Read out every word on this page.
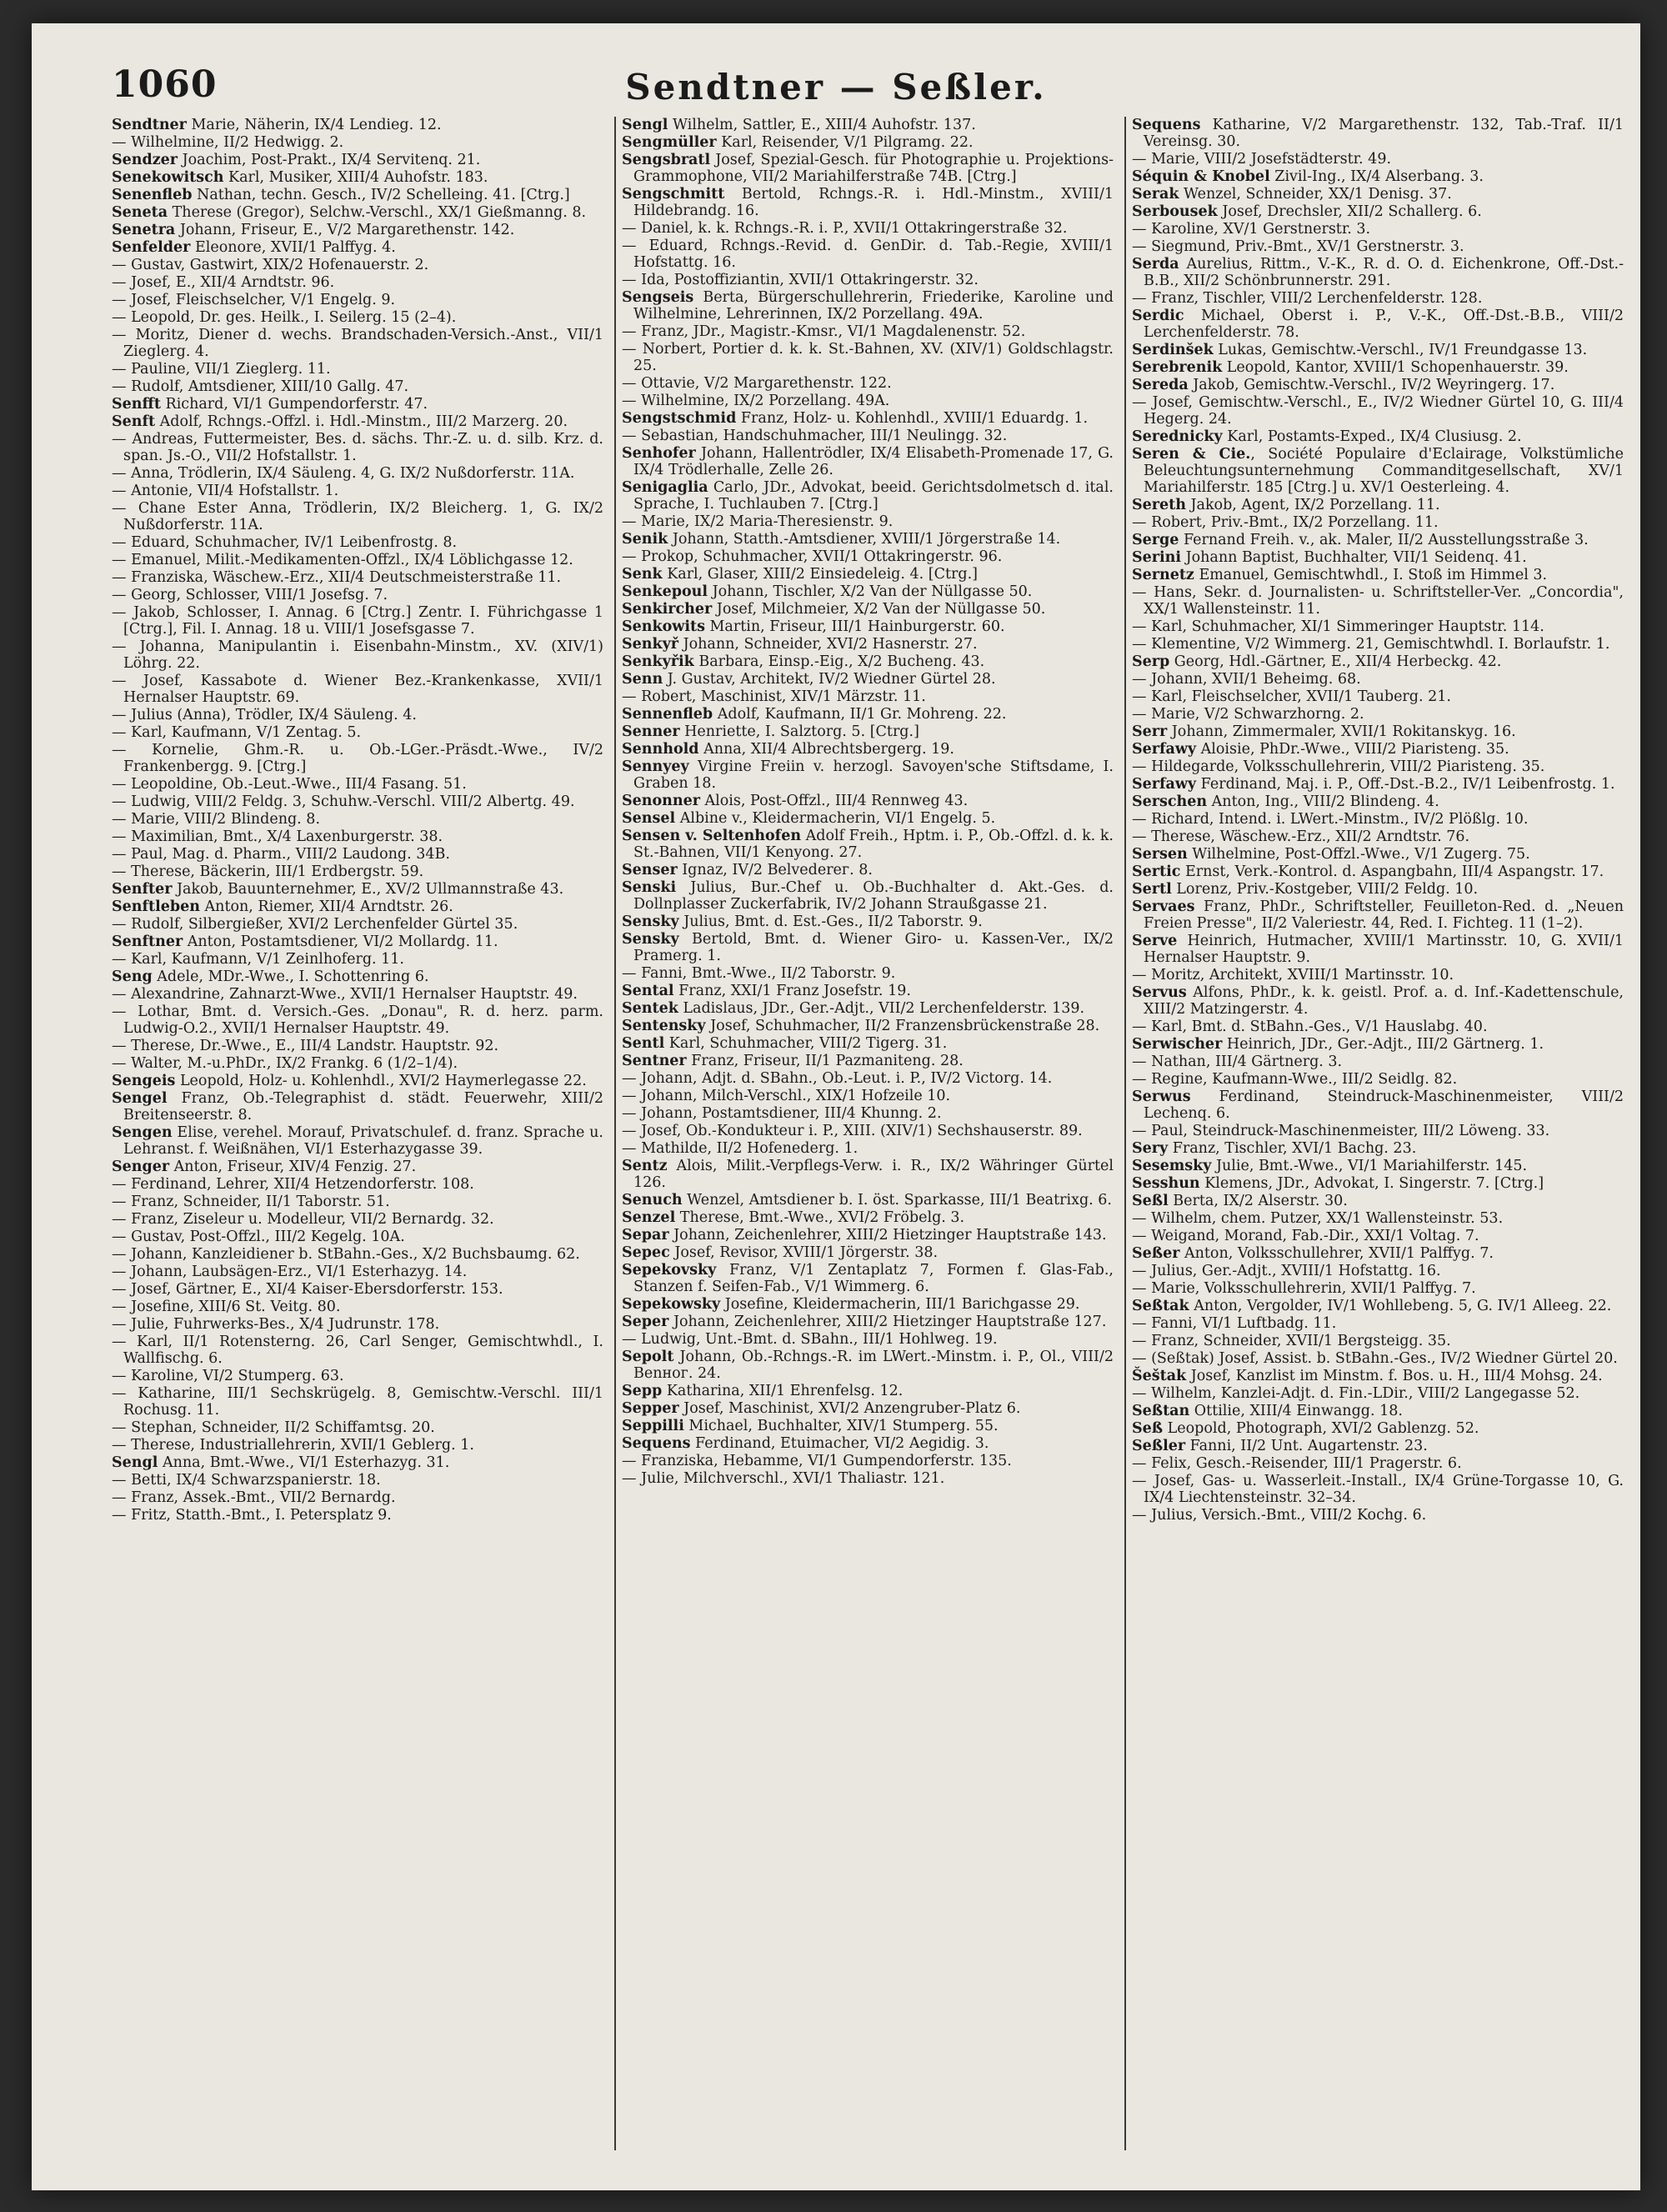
1060	Sendtner — Seßler.

Sendtner Marie, Näherin, IX/4 Lendieg. 12.

— Wilhelmine, II/2 Hedwigg. 2.

Sendzer Joachim, Post-Prakt., IX/4 Servitenq. 21.

Senekowitsch Karl, Musiker, XIII/4 Auhofstr. 183.

Senenfleb Nathan, techn. Gesch., IV/2 Schelleing. 41. [Ctrg.]

Seneta Therese (Gregor), Selchw.-Verschl., XX/1 Gießmanng. 8.

Senetra Johann, Friseur, E., V/2 Margarethenstr. 142.

Senfelder Eleonore, XVII/1 Palffyg. 4.

— Gustav, Gastwirt, XIX/2 Hofenauerstr. 2.

— Josef, E., XII/4 Arndtstr. 96.

— Josef, Fleischselcher, V/1 Engelg. 9.

— Leopold, Dr. ges. Heilk., I. Seilerg. 15 (2–4).

— Moritz, Diener d. wechs. Brandschaden-Versich.-Anst., VII/1 Zieglerg. 4.

— Pauline, VII/1 Zieglerg. 11.

— Rudolf, Amtsdiener, XIII/10 Gallg. 47.

Senfft Richard, VI/1 Gumpendorferstr. 47.

Senft Adolf, Rchngs.-Offzl. i. Hdl.-Minstm., III/2 Marzerg. 20.

— Andreas, Futtermeister, Bes. d. sächs. Thr.-Z. u. d. silb. Krz. d. span. Js.-O., VII/2 Hofstallstr. 1.

— Anna, Trödlerin, IX/4 Säuleng. 4, G. IX/2 Nußdorferstr. 11A.

— Antonie, VII/4 Hofstallstr. 1.

— Chane Ester Anna, Trödlerin, IX/2 Bleicherg. 1, G. IX/2 Nußdorferstr. 11A.

— Eduard, Schuhmacher, IV/1 Leibenfrostg. 8.

— Emanuel, Milit.-Medikamenten-Offzl., IX/4 Löblichgasse 12.

— Franziska, Wäschew.-Erz., XII/4 Deutschmeisterstraße 11.

— Georg, Schlosser, VIII/1 Josefsg. 7.

— Jakob, Schlosser, I. Annag. 6 [Ctrg.] Zentr. I. Führichgasse 1 [Ctrg.], Fil. I. Annag. 18 u. VIII/1 Josefsgasse 7.

— Johanna, Manipulantin i. Eisenbahn-Minstm., XV. (XIV/1) Löhrg. 22.

— Josef, Kassabote d. Wiener Bez.-Krankenkasse, XVII/1 Hernalser Hauptstr. 69.

— Julius (Anna), Trödler, IX/4 Säuleng. 4.

— Karl, Kaufmann, V/1 Zentag. 5.

— Kornelie, Ghm.-R. u. Ob.-LGer.-Präsdt.-Wwe., IV/2 Frankenbergg. 9. [Ctrg.]

— Leopoldine, Ob.-Leut.-Wwe., III/4 Fasang. 51.

— Ludwig, VIII/2 Feldg. 3, Schuhw.-Verschl. VIII/2 Albertg. 49.

— Marie, VIII/2 Blindeng. 8.

— Maximilian, Bmt., X/4 Laxenburgerstr. 38.

— Paul, Mag. d. Pharm., VIII/2 Laudong. 34B.

— Therese, Bäckerin, III/1 Erdbergstr. 59.

Senfter Jakob, Bauunternehmer, E., XV/2 Ullmannstraße 43.

Senftleben Anton, Riemer, XII/4 Arndtstr. 26.

— Rudolf, Silbergießer, XVI/2 Lerchenfelder Gürtel 35.

Senftner Anton, Postamtsdiener, VI/2 Mollardg. 11.

— Karl, Kaufmann, V/1 Zeinlhoferg. 11.

Seng Adele, MDr.-Wwe., I. Schottenring 6.

— Alexandrine, Zahnarzt-Wwe., XVII/1 Hernalser Hauptstr. 49.

— Lothar, Bmt. d. Versich.-Ges. „Donau", R. d. herz. parm. Ludwig-O.2., XVII/1 Hernalser Hauptstr. 49.

— Therese, Dr.-Wwe., E., III/4 Landstr. Hauptstr. 92.

— Walter, M.-u.PhDr., IX/2 Frankg. 6 (1/2–1/4).

Sengeis Leopold, Holz- u. Kohlenhdl., XVI/2 Haymerlegasse 22.

Sengel Franz, Ob.-Telegraphist d. städt. Feuerwehr, XIII/2 Breitenseerstr. 8.

Sengen Elise, verehel. Morauf, Privatschulef. d. franz. Sprache u. Lehranst. f. Weißnähen, VI/1 Esterhazygasse 39.

Senger Anton, Friseur, XIV/4 Fenzig. 27.

— Ferdinand, Lehrer, XII/4 Hetzendorferstr. 108.

— Franz, Schneider, II/1 Taborstr. 51.

— Franz, Ziseleur u. Modelleur, VII/2 Bernardg. 32.

— Gustav, Post-Offzl., III/2 Kegelg. 10A.

— Johann, Kanzleidiener b. StBahn.-Ges., X/2 Buchsbaumg. 62.

— Johann, Laubsägen-Erz., VI/1 Esterhazyg. 14.

— Josef, Gärtner, E., XI/4 Kaiser-Ebersdorferstr. 153.

— Josefine, XIII/6 St. Veitg. 80.

— Julie, Fuhrwerks-Bes., X/4 Judrunstr. 178.

— Karl, II/1 Rotensterng. 26, Carl Senger, Gemischtwhdl., I. Wallfischg. 6.

— Karoline, VI/2 Stumperg. 63.

— Katharine, III/1 Sechskrügelg. 8, Gemischtw.-Verschl. III/1 Rochusg. 11.

— Stephan, Schneider, II/2 Schiffamtsg. 20.

— Therese, Industriallehrerin, XVII/1 Geblerg. 1.

Sengl Anna, Bmt.-Wwe., VI/1 Esterhazyg. 31.

— Betti, IX/4 Schwarzspanierstr. 18.

— Franz, Assek.-Bmt., VII/2 Bernardg.

— Fritz, Statth.-Bmt., I. Petersplatz 9.

Sengl Wilhelm, Sattler, E., XIII/4 Auhofstr. 137.

Sengmüller Karl, Reisender, V/1 Pilgramg. 22.

Sengsbratl Josef, Spezial-Gesch. für Photographie u. Projektions-Grammophone, VII/2 Mariahilferstraße 74B. [Ctrg.]

Sengschmitt Bertold, Rchngs.-R. i. Hdl.-Minstm., XVIII/1 Hildebrandg. 16.

— Daniel, k. k. Rchngs.-R. i. P., XVII/1 Ottakringerstraße 32.

— Eduard, Rchngs.-Revid. d. GenDir. d. Tab.-Regie, XVIII/1 Hofstattg. 16.

— Ida, Postoffiziantin, XVII/1 Ottakringerstr. 32.

Sengseis Berta, Bürgerschullehrerin, Friederike, Karoline und Wilhelmine, Lehrerinnen, IX/2 Porzellang. 49A.

— Franz, JDr., Magistr.-Kmsr., VI/1 Magdalenenstr. 52.

— Norbert, Portier d. k. k. St.-Bahnen, XV. (XIV/1) Goldschlagstr. 25.

— Ottavie, V/2 Margarethenstr. 122.

— Wilhelmine, IX/2 Porzellang. 49A.

Sengstschmid Franz, Holz- u. Kohlenhdl., XVIII/1 Eduardg. 1.

— Sebastian, Handschuhmacher, III/1 Neulingg. 32.

Senhofer Johann, Hallentrödler, IX/4 Elisabeth-Promenade 17, G. IX/4 Trödlerhalle, Zelle 26.

Senigaglia Carlo, JDr., Advokat, beeid. Gerichtsdolmetsch d. ital. Sprache, I. Tuchlauben 7. [Ctrg.]

— Marie, IX/2 Maria-Theresienstr. 9.

Senik Johann, Statth.-Amtsdiener, XVIII/1 Jörgerstraße 14.

— Prokop, Schuhmacher, XVII/1 Ottakringerstr. 96.

Senk Karl, Glaser, XIII/2 Einsiedeleig. 4. [Ctrg.]

Senkepoul Johann, Tischler, X/2 Van der Nüllgasse 50.

Senkircher Josef, Milchmeier, X/2 Van der Nüllgasse 50.

Senkowits Martin, Friseur, III/1 Hainburgerstr. 60.

Senkyř Johann, Schneider, XVI/2 Hasnerstr. 27.

Senkyřik Barbara, Einsp.-Eig., X/2 Bucheng. 43.

Senn J. Gustav, Architekt, IV/2 Wiedner Gürtel 28.

— Robert, Maschinist, XIV/1 Märzstr. 11.

Sennenfleb Adolf, Kaufmann, II/1 Gr. Mohreng. 22.

Senner Henriette, I. Salztorg. 5. [Ctrg.]

Sennhold Anna, XII/4 Albrechtsbergerg. 19.

Sennyey Virgine Freiin v. herzogl. Savoyen'sche Stiftsdame, I. Graben 18.

Senonner Alois, Post-Offzl., III/4 Rennweg 43.

Sensel Albine v., Kleidermacherin, VI/1 Engelg. 5.

Sensen v. Seltenhofen Adolf Freih., Hptm. i. P., Ob.-Offzl. d. k. k. St.-Bahnen, VII/1 Kenyong. 27.

Senser Ignaz, IV/2 Belvederег. 8.

Senski Julius, Bur.-Chef u. Ob.-Buchhalter d. Akt.-Ges. d. Dollnplasser Zuckerfabrik, IV/2 Johann Straußgasse 21.

Sensky Julius, Bmt. d. Est.-Ges., II/2 Taborstr. 9.

Sensky Bertold, Bmt. d. Wiener Giro- u. Kassen-Ver., IX/2 Pramerg. 1.

— Fanni, Bmt.-Wwe., II/2 Taborstr. 9.

Sental Franz, XXI/1 Franz Josefstr. 19.

Sentek Ladislaus, JDr., Ger.-Adjt., VII/2 Lerchenfelderstr. 139.

Sentensky Josef, Schuhmacher, II/2 Franzensbrückenstraße 28.

Sentl Karl, Schuhmacher, VIII/2 Tigerg. 31.

Sentner Franz, Friseur, II/1 Pazmaniteng. 28.

— Johann, Adjt. d. SBahn., Ob.-Leut. i. P., IV/2 Victorg. 14.

— Johann, Milch-Verschl., XIX/1 Hofzeile 10.

— Johann, Postamtsdiener, III/4 Khunng. 2.

— Josef, Ob.-Kondukteur i. P., XIII. (XIV/1) Sechshauserstr. 89.

— Mathilde, II/2 Hofenederg. 1.

Sentz Alois, Milit.-Verpflegs-Verw. i. R., IX/2 Währinger Gürtel 126.

Senuch Wenzel, Amtsdiener b. I. öst. Sparkasse, III/1 Beatrixg. 6.

Senzel Therese, Bmt.-Wwe., XVI/2 Fröbelg. 3.

Separ Johann, Zeichenlehrer, XIII/2 Hietzinger Hauptstraße 143.

Sepec Josef, Revisor, XVIII/1 Jörgerstr. 38.

Sepekovsky Franz, V/1 Zentaplatz 7, Formen f. Glas-Fab., Stanzen f. Seifen-Fab., V/1 Wimmerg. 6.

Sepekowsky Josefine, Kleidermacherin, III/1 Barichgasse 29.

Seper Johann, Zeichenlehrer, XIII/2 Hietzinger Hauptstraße 127.

— Ludwig, Unt.-Bmt. d. SBahn., III/1 Hohlweg. 19.

Sepolt Johann, Ob.-Rchngs.-R. im LWert.-Minstm. i. P., Ol., VIII/2 Benног. 24.

Sepp Katharina, XII/1 Ehrenfelsg. 12.

Sepper Josef, Maschinist, XVI/2 Anzengruber-Platz 6.

Seppilli Michael, Buchhalter, XIV/1 Stumperg. 55.

Sequens Ferdinand, Etuimacher, VI/2 Aegidig. 3.

— Franziska, Hebamme, VI/1 Gumpendorferstr. 135.

— Julie, Milchverschl., XVI/1 Thaliastr. 121.

Sequens Katharine, V/2 Margarethenstr. 132, Tab.-Traf. II/1 Vereinsg. 30.

— Marie, VIII/2 Josefstädterstr. 49.

Séquin & Knobel Zivil-Ing., IX/4 Alserbang. 3.

Serak Wenzel, Schneider, XX/1 Denisg. 37.

Serbousek Josef, Drechsler, XII/2 Schallerg. 6.

— Karoline, XV/1 Gerstnerstr. 3.

— Siegmund, Priv.-Bmt., XV/1 Gerstnerstr. 3.

Serda Aurelius, Rittm., V.-K., R. d. O. d. Eichenkrone, Off.-Dst.-B.B., XII/2 Schönbrunnerstr. 291.

— Franz, Tischler, VIII/2 Lerchenfelderstr. 128.

Serdic Michael, Oberst i. P., V.-K., Off.-Dst.-B.B., VIII/2 Lerchenfelderstr. 78.

Serdinšek Lukas, Gemischtw.-Verschl., IV/1 Freundgasse 13.

Serebrenik Leopold, Kantor, XVIII/1 Schopenhauerstr. 39.

Sereda Jakob, Gemischtw.-Verschl., IV/2 Weyringerg. 17.

— Josef, Gemischtw.-Verschl., E., IV/2 Wiedner Gürtel 10, G. III/4 Hegerg. 24.

Serednicky Karl, Postamts-Exped., IX/4 Clusiusg. 2.

Seren & Cie., Société Populaire d'Eclairage, Volkstümliche Beleuchtungsunternehmung Commanditgesellschaft, XV/1 Mariahilferstr. 185 [Ctrg.] u. XV/1 Oesterleing. 4.

Sereth Jakob, Agent, IX/2 Porzellang. 11.

— Robert, Priv.-Bmt., IX/2 Porzellang. 11.

Serge Fernand Freih. v., ak. Maler, II/2 Ausstellungsstraße 3.

Serini Johann Baptist, Buchhalter, VII/1 Seidenq. 41.

Sernetz Emanuel, Gemischtwhdl., I. Stoß im Himmel 3.

— Hans, Sekr. d. Journalisten- u. Schriftsteller-Ver. „Concordia", XX/1 Wallensteinstr. 11.

— Karl, Schuhmacher, XI/1 Simmeringer Hauptstr. 114.

— Klementine, V/2 Wimmerg. 21, Gemischtwhdl. I. Borlaufstr. 1.

Serp Georg, Hdl.-Gärtner, E., XII/4 Herbeckg. 42.

— Johann, XVII/1 Beheimg. 68.

— Karl, Fleischselcher, XVII/1 Tauberg. 21.

— Marie, V/2 Schwarzhorng. 2.

Serr Johann, Zimmermaler, XVII/1 Rokitanskyg. 16.

Serfawy Aloisie, PhDr.-Wwe., VIII/2 Piaristeng. 35.

— Hildegarde, Volksschullehrerin, VIII/2 Piaristeng. 35.

Serfawy Ferdinand, Maj. i. P., Off.-Dst.-B.2., IV/1 Leibenfrostg. 1.

Serschen Anton, Ing., VIII/2 Blindeng. 4.

— Richard, Intend. i. LWert.-Minstm., IV/2 Plößlg. 10.

— Therese, Wäschew.-Erz., XII/2 Arndtstr. 76.

Sersen Wilhelmine, Post-Offzl.-Wwe., V/1 Zugerg. 75.

Sertic Ernst, Verk.-Kontrol. d. Aspangbahn, III/4 Aspangstr. 17.

Sertl Lorenz, Priv.-Kostgeber, VIII/2 Feldg. 10.

Servaes Franz, PhDr., Schriftsteller, Feuilleton-Red. d. „Neuen Freien Presse", II/2 Valeriestr. 44, Red. I. Fichteg. 11 (1–2).

Serve Heinrich, Hutmacher, XVIII/1 Martinsstr. 10, G. XVII/1 Hernalser Hauptstr. 9.

— Moritz, Architekt, XVIII/1 Martinsstr. 10.

Servus Alfons, PhDr., k. k. geistl. Prof. a. d. Inf.-Kadettenschule, XIII/2 Matzingerstr. 4.

— Karl, Bmt. d. StBahn.-Ges., V/1 Hauslabg. 40.

Serwischer Heinrich, JDr., Ger.-Adjt., III/2 Gärtnerg. 1.

— Nathan, III/4 Gärtnerg. 3.

— Regine, Kaufmann-Wwe., III/2 Seidlg. 82.

Serwus Ferdinand, Steindruck-Maschinenmeister, VIII/2 Lechenq. 6.

— Paul, Steindruck-Maschinenmeister, III/2 Löweng. 33.

Sery Franz, Tischler, XVI/1 Bachg. 23.

Sesemsky Julie, Bmt.-Wwe., VI/1 Mariahilferstr. 145.

Sesshun Klemens, JDr., Advokat, I. Singerstr. 7. [Ctrg.]

Seßl Berta, IX/2 Alserstr. 30.

— Wilhelm, chem. Putzer, XX/1 Wallensteinstr. 53.

— Weigand, Morand, Fab.-Dir., XXI/1 Voltag. 7.

Seßer Anton, Volksschullehrer, XVII/1 Palffyg. 7.

— Julius, Ger.-Adjt., XVIII/1 Hofstattg. 16.

— Marie, Volksschullehrerin, XVII/1 Palffyg. 7.

Seßtak Anton, Vergolder, IV/1 Wohllebeng. 5, G. IV/1 Alleeg. 22.

— Fanni, VI/1 Luftbadg. 11.

— Franz, Schneider, XVII/1 Bergsteigg. 35.

— (Seßtak) Josef, Assist. b. StBahn.-Ges., IV/2 Wiedner Gürtel 20.

Šeštak Josef, Kanzlist im Minstm. f. Bos. u. H., III/4 Mohsg. 24.

— Wilhelm, Kanzlei-Adjt. d. Fin.-LDir., VIII/2 Langegasse 52.

Seßtan Ottilie, XIII/4 Einwangg. 18.

Seß Leopold, Photograph, XVI/2 Gablenzg. 52.

Seßler Fanni, II/2 Unt. Augartenstr. 23.

— Felix, Gesch.-Reisender, III/1 Pragerstr. 6.

— Josef, Gas- u. Wasserleit.-Install., IX/4 Grüne-Torgasse 10, G. IX/4 Liechtensteinstr. 32–34.

— Julius, Versich.-Bmt., VIII/2 Kochg. 6.
